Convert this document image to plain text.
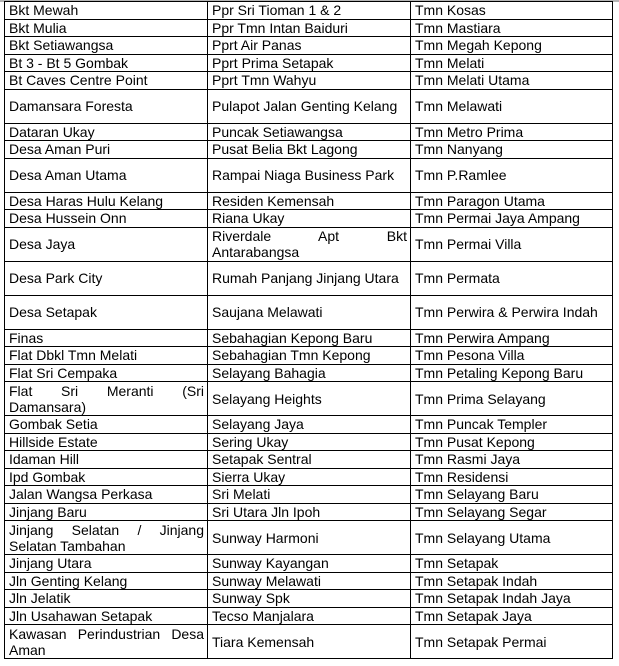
Bkt Mewah	Ppr Sri Tioman 1 & 2	Tmn Kosas
Bkt Mulia	Ppr Tmn Intan Baiduri	Tmn Mastiara
Bkt Setiawangsa	Pprt Air Panas	Tmn Megah Kepong
Bt 3 - Bt 5 Gombak	Pprt Prima Setapak	Tmn Melati
Bt Caves Centre Point	Pprt Tmn Wahyu	Tmn Melati Utama
Damansara Foresta	Pulapot Jalan Genting Kelang	Tmn Melawati
Dataran Ukay	Puncak Setiawangsa	Tmn Metro Prima
Desa Aman Puri	Pusat Belia Bkt Lagong	Tmn Nanyang
Desa Aman Utama	Rampai Niaga Business Park	Tmn P.Ramlee
Desa Haras Hulu Kelang	Residen Kemensah	Tmn Paragon Utama
Desa Hussein Onn	Riana Ukay	Tmn Permai Jaya Ampang
Desa Jaya	Riverdale Apt Bkt Antarabangsa	Tmn Permai Villa
Desa Park City	Rumah Panjang Jinjang Utara	Tmn Permata
Desa Setapak	Saujana Melawati	Tmn Perwira & Perwira Indah
Finas	Sebahagian Kepong Baru	Tmn Perwira Ampang
Flat Dbkl Tmn Melati	Sebahagian Tmn Kepong	Tmn Pesona Villa
Flat Sri Cempaka	Selayang Bahagia	Tmn Petaling Kepong Baru
Flat Sri Meranti (Sri Damansara)	Selayang Heights	Tmn Prima Selayang
Gombak Setia	Selayang Jaya	Tmn Puncak Templer
Hillside Estate	Sering Ukay	Tmn Pusat Kepong
Idaman Hill	Setapak Sentral	Tmn Rasmi Jaya
Ipd Gombak	Sierra Ukay	Tmn Residensi
Jalan Wangsa Perkasa	Sri Melati	Tmn Selayang Baru
Jinjang Baru	Sri Utara Jln Ipoh	Tmn Selayang Segar
Jinjang Selatan / Jinjang Selatan Tambahan	Sunway Harmoni	Tmn Selayang Utama
Jinjang Utara	Sunway Kayangan	Tmn Setapak
Jln Genting Kelang	Sunway Melawati	Tmn Setapak Indah
Jln Jelatik	Sunway Spk	Tmn Setapak Indah Jaya
Jln Usahawan Setapak	Tecso Manjalara	Tmn Setapak Jaya
Kawasan Perindustrian Desa Aman	Tiara Kemensah	Tmn Setapak Permai
